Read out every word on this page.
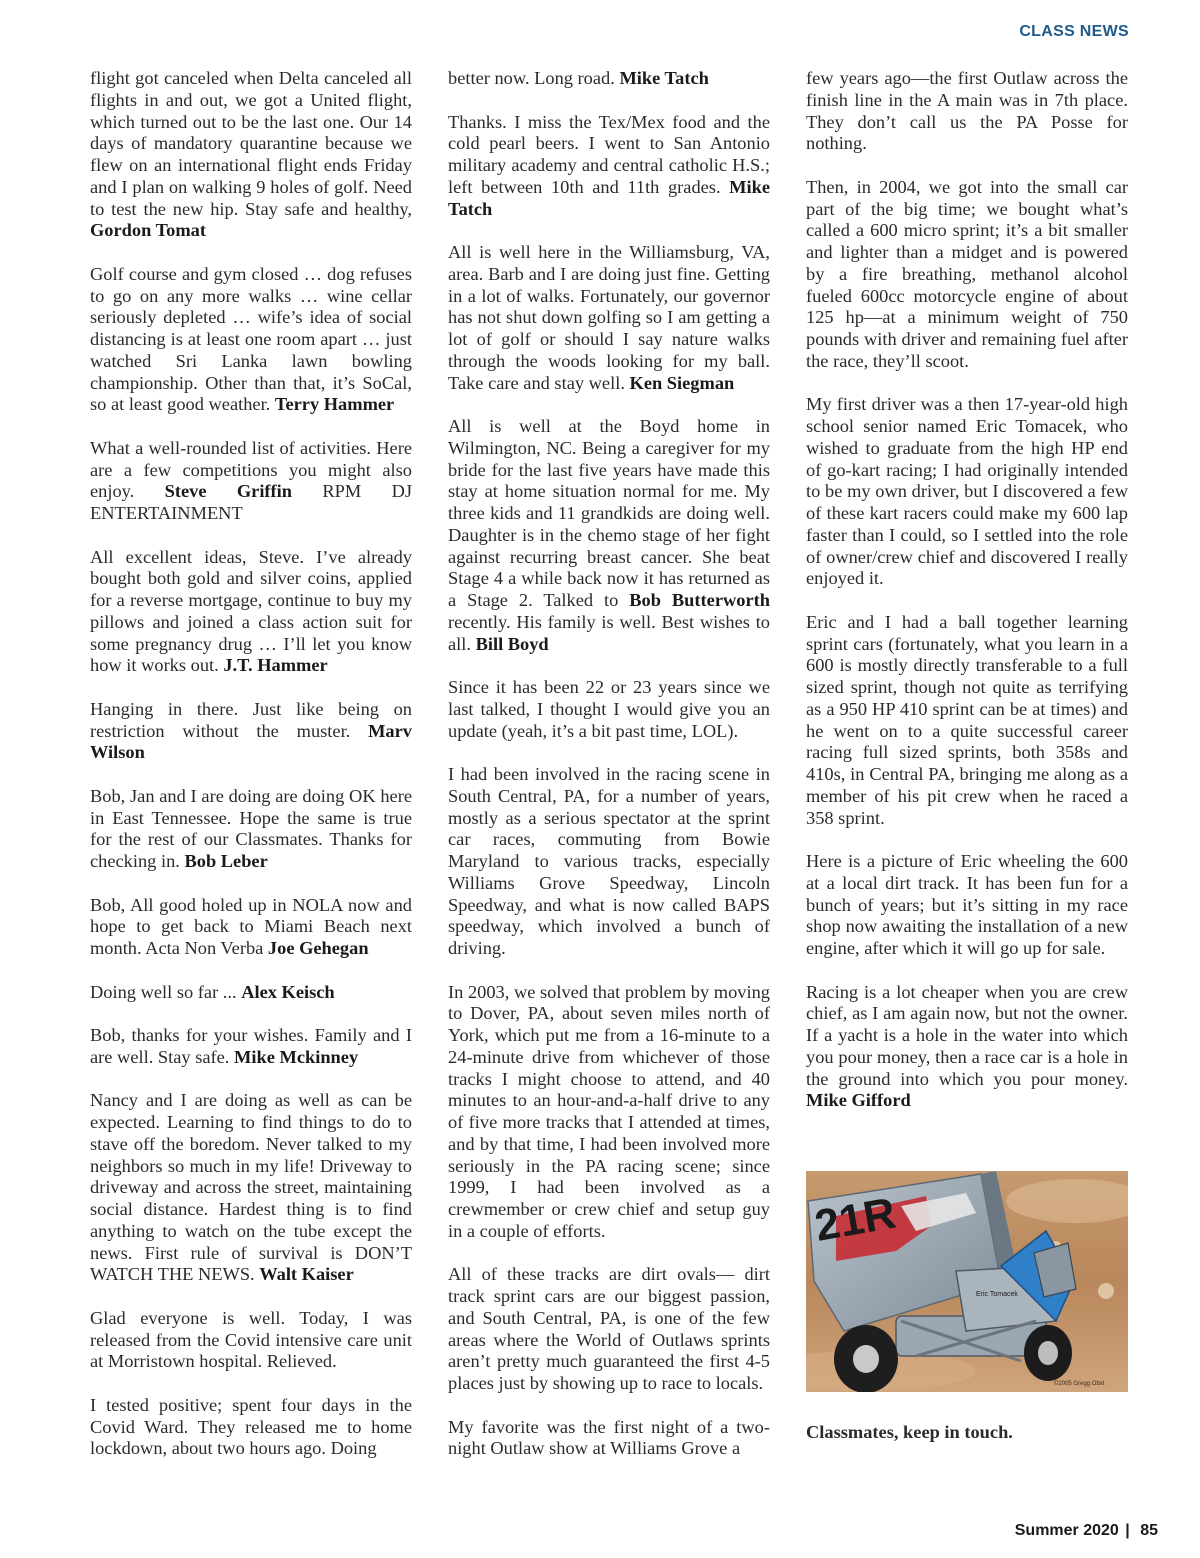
CLASS NEWS

flight got canceled when Delta canceled all flights in and out, we got a United flight, which turned out to be the last one. Our 14 days of mandatory quarantine because we flew on an international flight ends Friday and I plan on walking 9 holes of golf. Need to test the new hip. Stay safe and healthy, Gordon Tomat

Golf course and gym closed … dog refuses to go on any more walks … wine cellar seriously depleted … wife’s idea of social distancing is at least one room apart … just watched Sri Lanka lawn bowling championship. Other than that, it’s SoCal, so at least good weather. Terry Hammer

What a well-rounded list of activities. Here are a few competitions you might also enjoy. Steve Griffin RPM DJ ENTERTAINMENT

All excellent ideas, Steve. I’ve already bought both gold and silver coins, applied for a reverse mortgage, continue to buy my pillows and joined a class action suit for some pregnancy drug … I’ll let you know how it works out. J.T. Hammer

Hanging in there. Just like being on restriction without the muster. Marv Wilson

Bob, Jan and I are doing are doing OK here in East Tennessee. Hope the same is true for the rest of our Classmates. Thanks for checking in. Bob Leber

Bob, All good holed up in NOLA now and hope to get back to Miami Beach next month. Acta Non Verba Joe Gehegan

Doing well so far ... Alex Keisch

Bob, thanks for your wishes. Family and I are well. Stay safe. Mike Mckinney

Nancy and I are doing as well as can be expected. Learning to find things to do to stave off the boredom. Never talked to my neighbors so much in my life! Driveway to driveway and across the street, maintaining social distance. Hardest thing is to find anything to watch on the tube except the news. First rule of survival is DON’T WATCH THE NEWS. Walt Kaiser

Glad everyone is well. Today, I was released from the Covid intensive care unit at Morristown hospital. Relieved.

I tested positive; spent four days in the Covid Ward. They released me to home lockdown, about two hours ago. Doing

better now. Long road. Mike Tatch

Thanks. I miss the Tex/Mex food and the cold pearl beers. I went to San Antonio military academy and central catholic H.S.; left between 10th and 11th grades. Mike Tatch

All is well here in the Williamsburg, VA, area. Barb and I are doing just fine. Getting in a lot of walks. Fortunately, our governor has not shut down golfing so I am getting a lot of golf or should I say nature walks through the woods looking for my ball. Take care and stay well. Ken Siegman

All is well at the Boyd home in Wilmington, NC. Being a caregiver for my bride for the last five years have made this stay at home situation normal for me. My three kids and 11 grandkids are doing well. Daughter is in the chemo stage of her fight against recurring breast cancer. She beat Stage 4 a while back now it has returned as a Stage 2. Talked to Bob Butterworth recently. His family is well. Best wishes to all. Bill Boyd

Since it has been 22 or 23 years since we last talked, I thought I would give you an update (yeah, it’s a bit past time, LOL).

I had been involved in the racing scene in South Central, PA, for a number of years, mostly as a serious spectator at the sprint car races, commuting from Bowie Maryland to various tracks, especially Williams Grove Speedway, Lincoln Speedway, and what is now called BAPS speedway, which involved a bunch of driving.

In 2003, we solved that problem by moving to Dover, PA, about seven miles north of York, which put me from a 16-minute to a 24-minute drive from whichever of those tracks I might choose to attend, and 40 minutes to an hour-and-a-half drive to any of five more tracks that I attended at times, and by that time, I had been involved more seriously in the PA racing scene; since 1999, I had been involved as a crewmember or crew chief and setup guy in a couple of efforts.

All of these tracks are dirt ovals— dirt track sprint cars are our biggest passion, and South Central, PA, is one of the few areas where the World of Outlaws sprints aren’t pretty much guaranteed the first 4-5 places just by showing up to race to locals.

My favorite was the first night of a two-night Outlaw show at Williams Grove a

few years ago—the first Outlaw across the finish line in the A main was in 7th place. They don’t call us the PA Posse for nothing.

Then, in 2004, we got into the small car part of the big time; we bought what’s called a 600 micro sprint; it’s a bit smaller and lighter than a midget and is powered by a fire breathing, methanol alcohol fueled 600cc motorcycle engine of about 125 hp—at a minimum weight of 750 pounds with driver and remaining fuel after the race, they’ll scoot.

My first driver was a then 17-year-old high school senior named Eric Tomacek, who wished to graduate from the high HP end of go-kart racing; I had originally intended to be my own driver, but I discovered a few of these kart racers could make my 600 lap faster than I could, so I settled into the role of owner/crew chief and discovered I really enjoyed it.

Eric and I had a ball together learning sprint cars (fortunately, what you learn in a 600 is mostly directly transferable to a full sized sprint, though not quite as terrifying as a 950 HP 410 sprint can be at times) and he went on to a quite successful career racing full sized sprints, both 358s and 410s, in Central PA, bringing me along as a member of his pit crew when he raced a 358 sprint.

Here is a picture of Eric wheeling the 600 at a local dirt track. It has been fun for a bunch of years; but it’s sitting in my race shop now awaiting the installation of a new engine, after which it will go up for sale.

Racing is a lot cheaper when you are crew chief, as I am again now, but not the owner. If a yacht is a hole in the water into which you pour money, then a race car is a hole in the ground into which you pour money. Mike Gifford

21R
Eric Tomacek
©2005 Gregg Obst
Classmates, keep in touch.
Summer 2020 | 85
